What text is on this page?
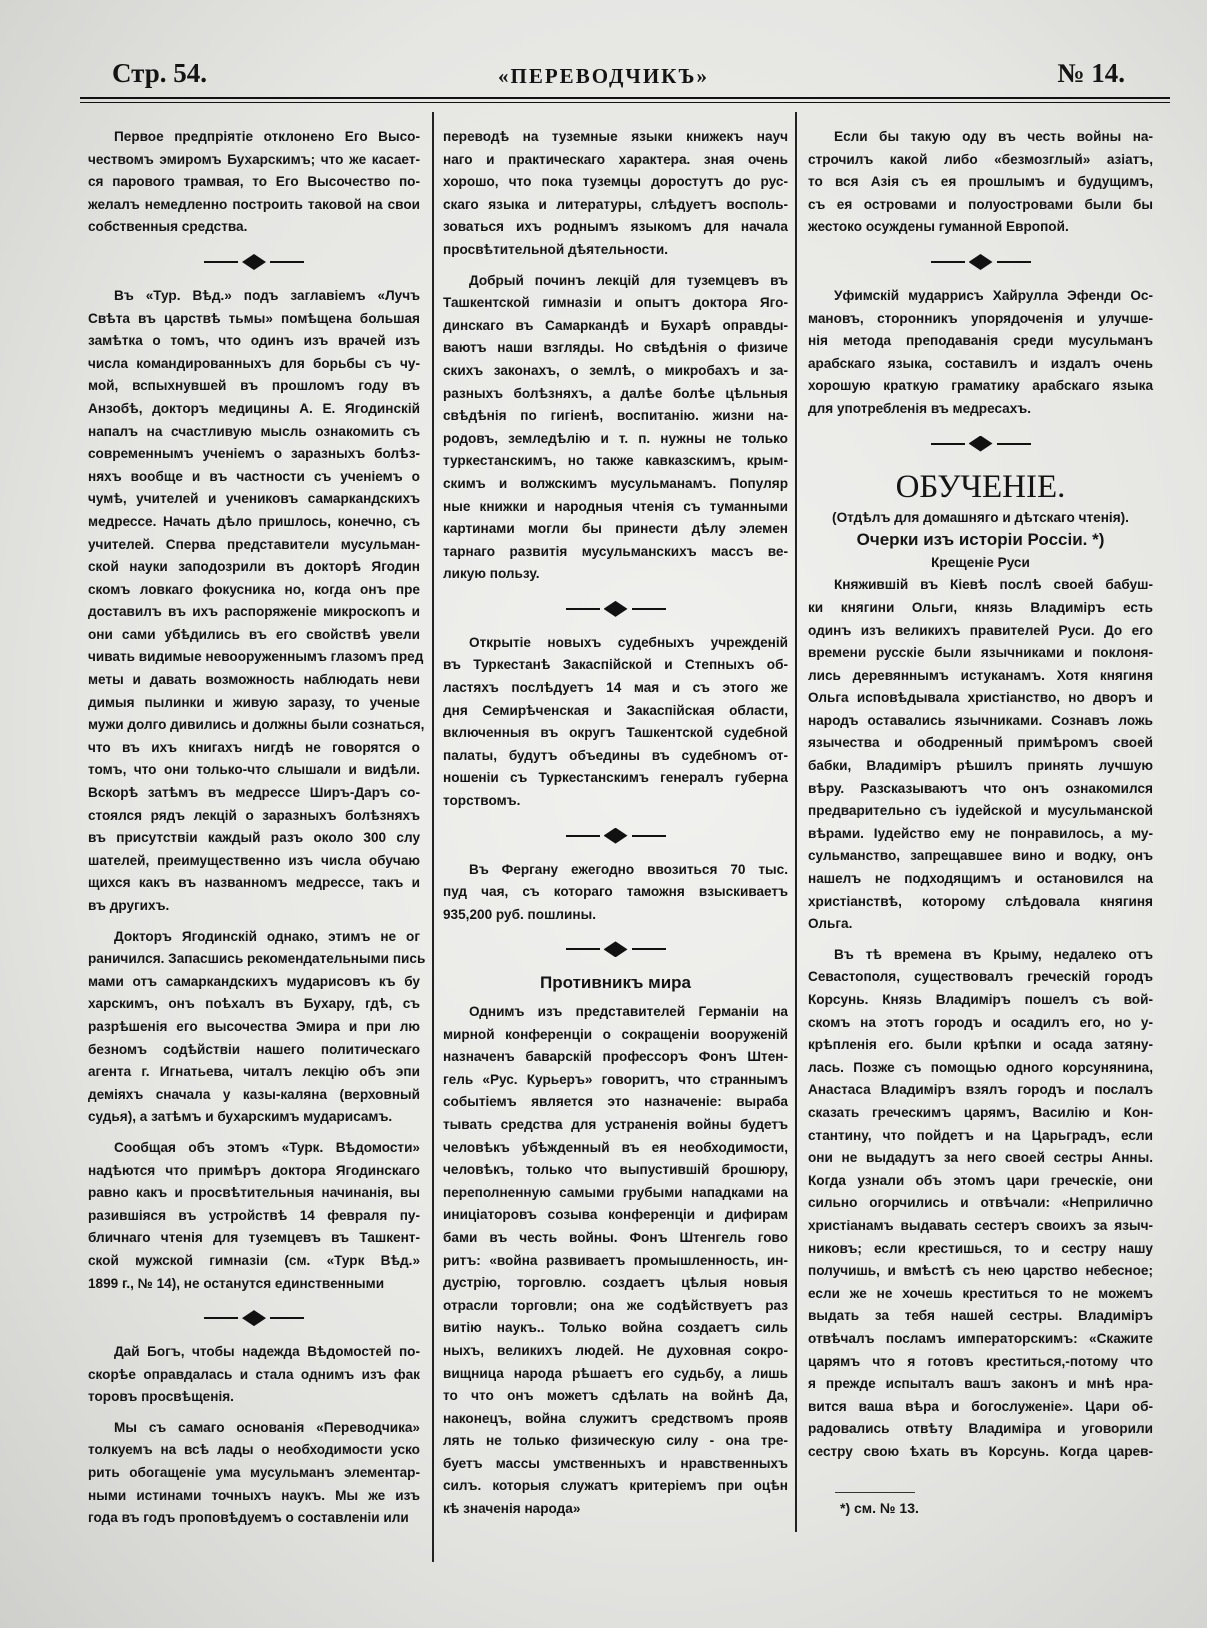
Стр. 54.	«ПЕРЕВОДЧИКЪ»	№ 14.
Первое предпріятіе отклонено Его Высо-
чествомъ эмиромъ Бухарскимъ; что же касает-
ся парового трамвая, то Его Высочество по-
желалъ немедленно построить таковой на свои
собственныя средства.
Въ «Тур. Вѣд.» подъ заглавіемъ «Лучъ
Свѣта въ царствѣ тьмы» помѣщена большая
замѣтка о томъ, что одинъ изъ врачей изъ
числа командированныхъ для борьбы съ чу-
мой, вспыхнувшей въ прошломъ году въ
Анзобѣ, докторъ медицины А. Е. Ягодинскій
напалъ на счастливую мысль ознакомить съ
современнымъ ученіемъ о заразныхъ болѣз-
няхъ вообще и въ частности съ ученіемъ о
чумѣ, учителей и учениковъ самаркандскихъ
медрессе. Начать дѣло пришлось, конечно, съ
учителей. Сперва представители мусульман-
ской науки заподозрили въ докторѣ Ягодин
скомъ ловкаго фокусника но, когда онъ пре
доставилъ въ ихъ распоряженіе микроскопъ и
они сами убѣдились въ его свойствѣ увели
чивать видимые невооруженнымъ глазомъ пред
меты и давать возможность наблюдать неви
димыя пылинки и живую заразу, то ученые
мужи долго дивились и должны были сознаться,
что въ ихъ книгахъ нигдѣ не говорятся о
томъ, что они только-что слышали и видѣли.
Вскорѣ затѣмъ въ медрессе Ширъ-Даръ со-
стоялся рядъ лекцій о заразныхъ болѣзняхъ
въ присутствіи каждый разъ около 300 слу
шателей, преимущественно изъ числа обучаю
щихся какъ въ названномъ медрессе, такъ и
въ другихъ.
Докторъ Ягодинскій однако, этимъ не ог
раничился. Запасшись рекомендательными пись
мами отъ самаркандскихъ мударисовъ къ бу
харскимъ, онъ поѣхалъ въ Бухару, гдѣ, съ
разрѣшенія его высочества Эмира и при лю
безномъ содѣйствіи нашего политическаго
агента г. Игнатьева, читалъ лекцію объ эпи
деміяхъ сначала у казы-каляна (верховный
судья), а затѣмъ и бухарскимъ мударисамъ.
Сообщая объ этомъ «Турк. Вѣдомости»
надѣются что примѣръ доктора Ягодинскаго
равно какъ и просвѣтительныя начинанія, вы
разившіяся въ устройствѣ 14 февраля пу-
бличнаго чтенія для туземцевъ въ Ташкент-
ской мужской гимназіи (см. «Турк Вѣд.»
1899 г., № 14), не останутся единственными
Дай Богъ, чтобы надежда Вѣдомостей по-
скорѣе оправдалась и стала однимъ изъ фак
торовъ просвѣщенія.
Мы съ самаго основанія «Переводчика»
толкуемъ на всѣ лады о необходимости уско
рить обогащеніе ума мусульманъ элементар-
ными истинами точныхъ наукъ. Мы же изъ
года въ годъ проповѣдуемъ о составленіи или
переводѣ на туземные языки книжекъ науч
наго и практическаго характера. зная очень
хорошо, что пока туземцы доростутъ до рус-
скаго языка и литературы, слѣдуетъ восполь-
зоваться ихъ роднымъ языкомъ для начала
просвѣтительной дѣятельности.
Добрый починъ лекцій для туземцевъ въ
Ташкентской гимназіи и опытъ доктора Яго-
динскаго въ Самаркандѣ и Бухарѣ оправды-
ваютъ наши взгляды. Но свѣдѣнія о физиче
скихъ законахъ, о землѣ, о микробахъ и за-
разныхъ болѣзняхъ, а далѣе болѣе цѣльныя
свѣдѣнія по гигіенѣ, воспитанію. жизни на-
родовъ, земледѣлію и т. п. нужны не только
туркестанскимъ, но также кавказскимъ, крым-
скимъ и волжскимъ мусульманамъ. Популяр
ные книжки и народныя чтенія съ туманными
картинами могли бы принести дѣлу элемен
тарнаго развитія мусульманскихъ массъ ве-
ликую пользу.
Открытіе новыхъ судебныхъ учрежденій
въ Туркестанѣ Закаспійской и Степныхъ об-
ластяхъ послѣдуетъ 14 мая и съ этого же
дня Семирѣченская и Закаспійская области,
включенныя въ округъ Ташкентской судебной
палаты, будутъ объедины въ судебномъ от-
ношеніи съ Туркестанскимъ генералъ губерна
торствомъ.
Въ Фергану ежегодно ввозиться 70 тыс.
пуд чая, съ котораго таможня взыскиваетъ
935,200 руб. пошлины.
Противникъ мира
Однимъ изъ представителей Германіи на
мирной конференціи о сокращеніи вооруженій
назначенъ баварскій профессоръ Фонъ Штен-
гель «Рус. Курьеръ» говоритъ, что страннымъ
событіемъ является это назначеніе: выраба
тывать средства для устраненія войны будетъ
человѣкъ убѣжденный въ ея необходимости,
человѣкъ, только что выпустившій брошюру,
переполненную самыми грубыми нападками на
иниціаторовъ созыва конференціи и дифирам
бами въ честь войны. Фонъ Штенгель гово
ритъ: «война развиваетъ промышленность, ин-
дустрію, торговлю. создаетъ цѣлыя новыя
отрасли торговли; она же содѣйствуетъ раз
витію наукъ.. Только война создаетъ силь
ныхъ, великихъ людей. Не духовная сокро-
вищница народа рѣшаетъ его судьбу, а лишь
то что онъ можетъ сдѣлать на войнѣ Да,
наконецъ, война служитъ средствомъ прояв
лять не только физическую силу - она тре-
буетъ массы умственныхъ и нравственныхъ
силъ. которыя служатъ критеріемъ при оцѣн
кѣ значенія народа»
Если бы такую оду въ честь войны на-
строчилъ какой либо «безмозглый» азіатъ,
то вся Азія съ ея прошлымъ и будущимъ,
съ ея островами и полуостровами были бы
жестоко осуждены гуманной Европой.
Уфимскій мударрисъ Хайрулла Эфенди Ос-
мановъ, сторонникъ упорядоченія и улучше-
нія метода преподаванія среди мусульманъ
арабскаго языка, составилъ и издалъ очень
хорошую краткую граматику арабскаго языка
для употребленія въ медресахъ.
ОБУЧЕНІЕ.
(Отдѣлъ для домашняго и дѣтскаго чтенія).
Очерки изъ исторіи Россіи. *)
Крещеніе Руси
Княжившій въ Кіевѣ послѣ своей бабуш-
ки княгини Ольги, князь Владиміръ есть
одинъ изъ великихъ правителей Руси. До его
времени русскіе были язычниками и поклоня-
лись деревяннымъ истуканамъ. Хотя княгиня
Ольга исповѣдывала христіанство, но дворъ и
народъ оставались язычниками. Сознавъ ложь
язычества и ободренный примѣромъ своей
бабки, Владиміръ рѣшилъ принять лучшую
вѣру. Разсказываютъ что онъ ознакомился
предварительно съ іудейской и мусульманской
вѣрами. Іудейство ему не понравилось, а му-
сульманство, запрещавшее вино и водку, онъ
нашелъ не подходящимъ и остановился на
христіанствѣ, которому слѣдовала княгиня
Ольга.
Въ тѣ времена въ Крыму, недалеко отъ
Севастополя, существовалъ греческій городъ
Корсунь. Князь Владиміръ пошелъ съ вой-
скомъ на этотъ городъ и осадилъ его, но у-
крѣпленія его. были крѣпки и осада затяну-
лась. Позже съ помощью одного корсунянина,
Анастаса Владиміръ взялъ городъ и послалъ
сказать греческимъ царямъ, Василію и Кон-
стантину, что пойдетъ и на Царьградъ, если
они не выдадутъ за него своей сестры Анны.
Когда узнали объ этомъ цари греческіе, они
сильно огорчились и отвѣчали: «Неприлично
христіанамъ выдавать сестеръ своихъ за языч-
никовъ; если крестишься, то и сестру нашу
получишь, и вмѣстѣ съ нею царство небесное;
если же не хочешь креститься то не можемъ
выдать за тебя нашей сестры. Владиміръ
отвѣчалъ посламъ императорскимъ: «Скажите
царямъ что я готовъ креститься,-потому что
я прежде испыталъ вашъ законъ и мнѣ нра-
вится ваша вѣра и богослуженіе». Цари об-
радовались отвѣту Владиміра и уговорили
сестру свою ѣхать въ Корсунь. Когда царев-
*) см. № 13.
